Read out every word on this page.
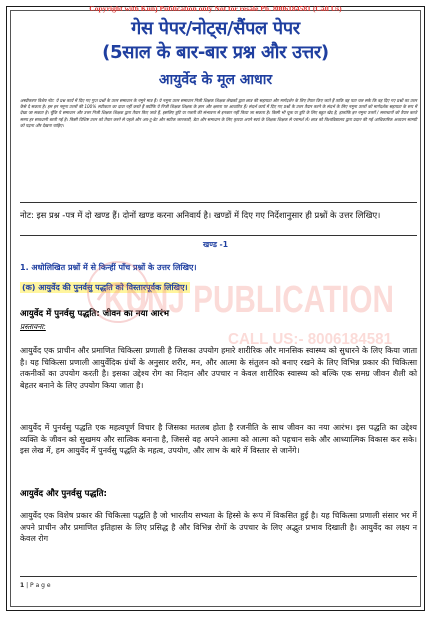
Copyright with Kunj Publication only Not for resale Ph. 8006184581 (Call Us)
गेस पेपर/नोट्स/सैंपल पेपर
(5साल के बार-बार प्रश्न और उत्तर)
आयुर्वेद के मूल आधार
अस्वीकरण विशेष नोट: ये प्रश्न कार्य में दिए गए गुप्त प्रश्नों के उत्तर समाधान के नमूने मात्र हैं। ये नमूना उत्तर समाधान निजी शिक्षक शिक्षक लेखकों द्वारा छात्र की सहायता और मार्गदर्शन के लिए तैयार किए जाते हैं ताकि वह पता चल सके कि वह दिए गए प्रश्नों का उत्तर कैसे दे सकता है। हम इन नमूना उत्तरों की 100% सटीकता का दावा नहीं करते हैं क्योंकि ये निजी शिक्षक शिक्षक के ज्ञान और क्षमता पर आधारित हैं। संदर्भ कार्य में दिए गए प्रश्नों के उत्तर तैयार करने के संदर्भ के लिए नमूना उत्तरों को मार्गदर्शक सहायता के रूप में देखा जा सकता है। चूँकि ये समाधान और उत्तर निजी शिक्षक शिक्षक द्वारा तैयार किए जाते हैं, इसलिए त्रुटि या गलती की संभावना से इनकार नहीं किया जा सकता है। किसी भी चूक या त्रुटि के लिए बहुत खेद है, हालांकि इन नमूना उत्तरों / समाधानों को तैयार करते समय हर सावधानी बरती गई है। किसी विशिष्ट उत्तर को तैयार करने से पहले और अप-टू-डेट और सटीक जानकारी, डेटा और समाधान के लिए कृपया अपने स्वयं के शिक्षक शिक्षक से परामर्श लें। छात्र को विश्वविद्यालय द्वारा प्रदान की गई आधिकारिक अध्ययन सामग्री को पढ़ना और देखना चाहिए।
नोट: इस प्रश्न -पत्र में दो खण्ड हैं। दोनों खण्ड करना अनिवार्य है। खण्डों में दिए गए निर्देशानुसार ही प्रश्नों के उत्तर लिखिए।
खण्ड -1
1. अधोलिखित प्रश्नों में से किन्हीं पाँच प्रश्नों के उत्तर लिखिए।
(क) आयुर्वेद की पुनर्वसु पद्धति को विस्तारपूर्वक लिखिए।
आयुर्वेद में पुनर्वसु पद्धति: जीवन का नया आरंभ
प्रस्तावना:
आयुर्वेद एक प्राचीन और प्रमाणित चिकित्सा प्रणाली है जिसका उपयोग हमारे शारीरिक और मानसिक स्वास्थ्य को सुधारने के लिए किया जाता है। यह चिकित्सा प्रणाली आयुर्वेदिक ग्रंथों के अनुसार शरीर, मन, और आत्मा के संतुलन को बनाए रखने के लिए विभिन्न प्रकार की चिकित्सा तकनीकों का उपयोग करती है। इसका उद्देश्य रोग का निदान और उपचार न केवल शारीरिक स्वास्थ्य को बल्कि एक समग्र जीवन शैली को बेहतर बनाने के लिए उपयोग किया जाता है।
आयुर्वेद में पुनर्वसु पद्धति एक महत्वपूर्ण विचार है जिसका मतलब होता है रजनीति के साथ जीवन का नया आरंभ। इस पद्धति का उद्देश्य व्यक्ति के जीवन को सुखमय और सात्विक बनाना है, जिससे वह अपने आत्मा को आत्मा को पहचान सके और आध्यात्मिक विकास कर सके। इस लेख में, हम आयुर्वेद में पुनर्वसु पद्धति के महत्व, उपयोग, और लाभ के बारे में विस्तार से जानेंगे।
आयुर्वेद और पुनर्वसु पद्धति:
आयुर्वेद एक विशेष प्रकार की चिकित्सा पद्धति है जो भारतीय सभ्यता के हिस्से के रूप में विकसित हुई है। यह चिकित्सा प्रणाली संसार भर में अपने प्राचीन और प्रमाणित इतिहास के लिए प्रसिद्ध है और विभिन्न रोगों के उपचार के लिए अद्भुत प्रभाव दिखाती है। आयुर्वेद का लक्ष्य न केवल रोग
1 | P a g e
KUNJ PUBLICATION
CALL US:- 8006184581
